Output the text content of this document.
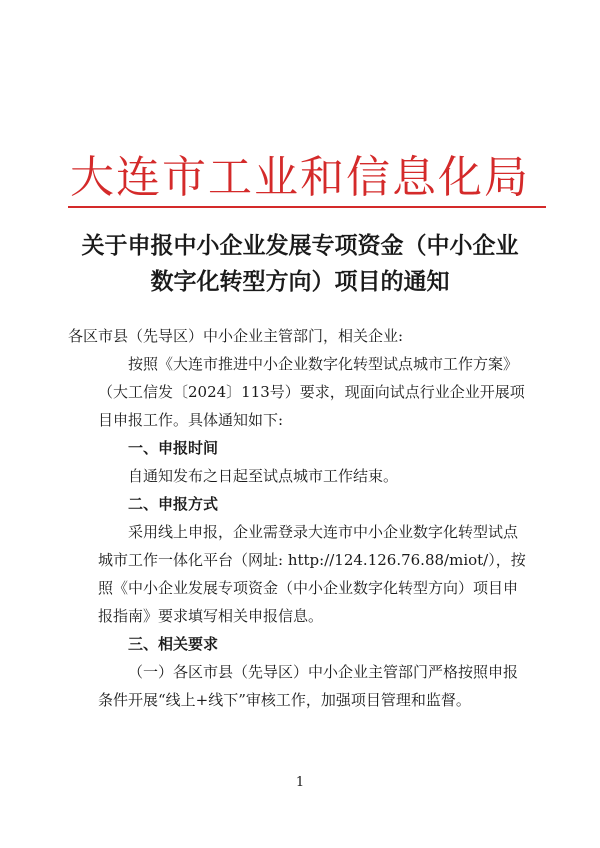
大连市工业和信息化局
关于申报中小企业发展专项资金（中小企业
数字化转型方向）项目的通知

各区市县（先导区）中小企业主管部门，相关企业:

按照《大连市推进中小企业数字化转型试点城市工作方案》（大工信发〔2024〕113号）要求，现面向试点行业企业开展项目申报工作。具体通知如下:

一、申报时间

自通知发布之日起至试点城市工作结束。

二、申报方式

采用线上申报，企业需登录大连市中小企业数字化转型试点城市工作一体化平台（网址: http://124.126.76.88/miot/），按照《中小企业发展专项资金（中小企业数字化转型方向）项目申报指南》要求填写相关申报信息。

三、相关要求

（一）各区市县（先导区）中小企业主管部门严格按照申报条件开展“线上+线下”审核工作，加强项目管理和监督。

1
